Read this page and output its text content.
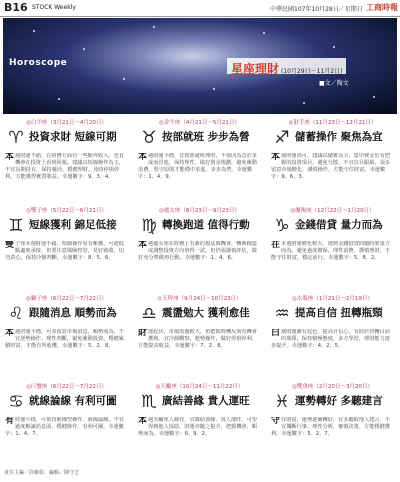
B16 STOCK Weekly	中華民國107年10月28日／星期日 工商時報
Horoscope	星座理財 (10月29日～11月2日)
■文／陶文
◎白羊座（3月21日～4月20日）
♈ 投資求財 短線可期
本週財運不錯，在財務方面有一些額外收入，也有機會在投資上看到回報。建議以短線操作為主，不宜長期持有，保持靈活，穩健理財，及時停損停利，方能獲得實質收益。幸運數字：9、3、4。
◎金牛座（4月21日～5月21日）
♉ 按部就班 步步為營
本週財運平穩，宜按部就班理財，不要因為急於求成而冒進。保持理性，做好資金規劃，避免衝動消費，堅守原則才能穩中求進，步步為營。幸運數字：1、4、9。
◎射手座（11月23日～12月21日）
♐ 儲蓄操作 聚焦為宜
本週財運尚可，建議以儲蓄為主，集中資金於有把握的投資項目，避免分散，不宜盲目跟風，須多留意市場變化，謹慎操作，方能守住財富。幸運數字：9、6、3。
◎雙子座（5月22日～6月21日）
♊ 短線獲利 錦足低接
雙子座本週財運不錯，短線操作易有斬獲，可趁低點適度承接，但要注意風險控管，見好就收，切勿貪心，保持冷靜判斷。幸運數字：8、5、6。
◎處女座（8月23日～9月23日）
♍ 轉換跑道 值得行動
本週處女座在財務上有新的想法與機會，轉換跑道或調整投資方向值得一試，但仍須謹慎評估，做好充分準備再行動。幸運數字：1、4、6。
◎魔羯座（12月22日～1月20日）
♑ 金錢借貸 量力而為
在本週財運變化較大，遇到金錢借貸問題時要量力而為，避免過度擔保，理性消費，謹慎理財，才能守住財富，穩定前行。幸運數字：5、8、2。
◎獅子座（6月22日～7月22日）
♌ 跟隨消息 順勢而為
本週財運平穩，可多留意市場消息，順勢而為，不宜逆勢操作。理性判斷，避免衝動投資，穩健累積財富，才能有所收穫。幸運數字：5、2、8。
◎天秤座（9月24日～10月23日）
♎ 震盪勉大 獲利愈佳
財運起伏，市場震盪較大，但把握時機反而有機會獲利。宜冷靜觀察，趁勢操作，做好停損停利，方能提高收益。幸運數字：7、2、8。
◎水瓶座（1月21日～2月19日）
♒ 提高自信 扭轉瓶頸
白週財運漸有起色，提高自信心，有助於扭轉目前的瓶頸，保持積極態度，多方學習，理財能力逐步提升。幸運數字：4、2、5。
◎巨蟹座（6月22日～7月22日）
♋ 就線論線 有利可圖
有財運平穩，可依技術線型操作，就線論線，不宜過度解讀消息面，穩健操作，有利可圖。幸運數字：1、4、7。
◎天蠍座（10月24日～11月22日）
♏ 廣結善緣 貴人運旺
本週天蠍座人緣佳，宜廣結善緣，貴人運旺，可望得到他人協助，財運亦隨之提升，把握機會，順勢而為。幸運數字：6、9、2。
◎雙魚座（2月20日～3月20日）
♓ 運勢轉好 多聽建言
守住財富，運勢逐漸轉好，宜多聽取他人建言，不宜獨斷行事，理性分析，審慎決策，方能穩健獲利。幸運數字：5、2、7。
責任主編／許維娟　編輯／陳守芝
